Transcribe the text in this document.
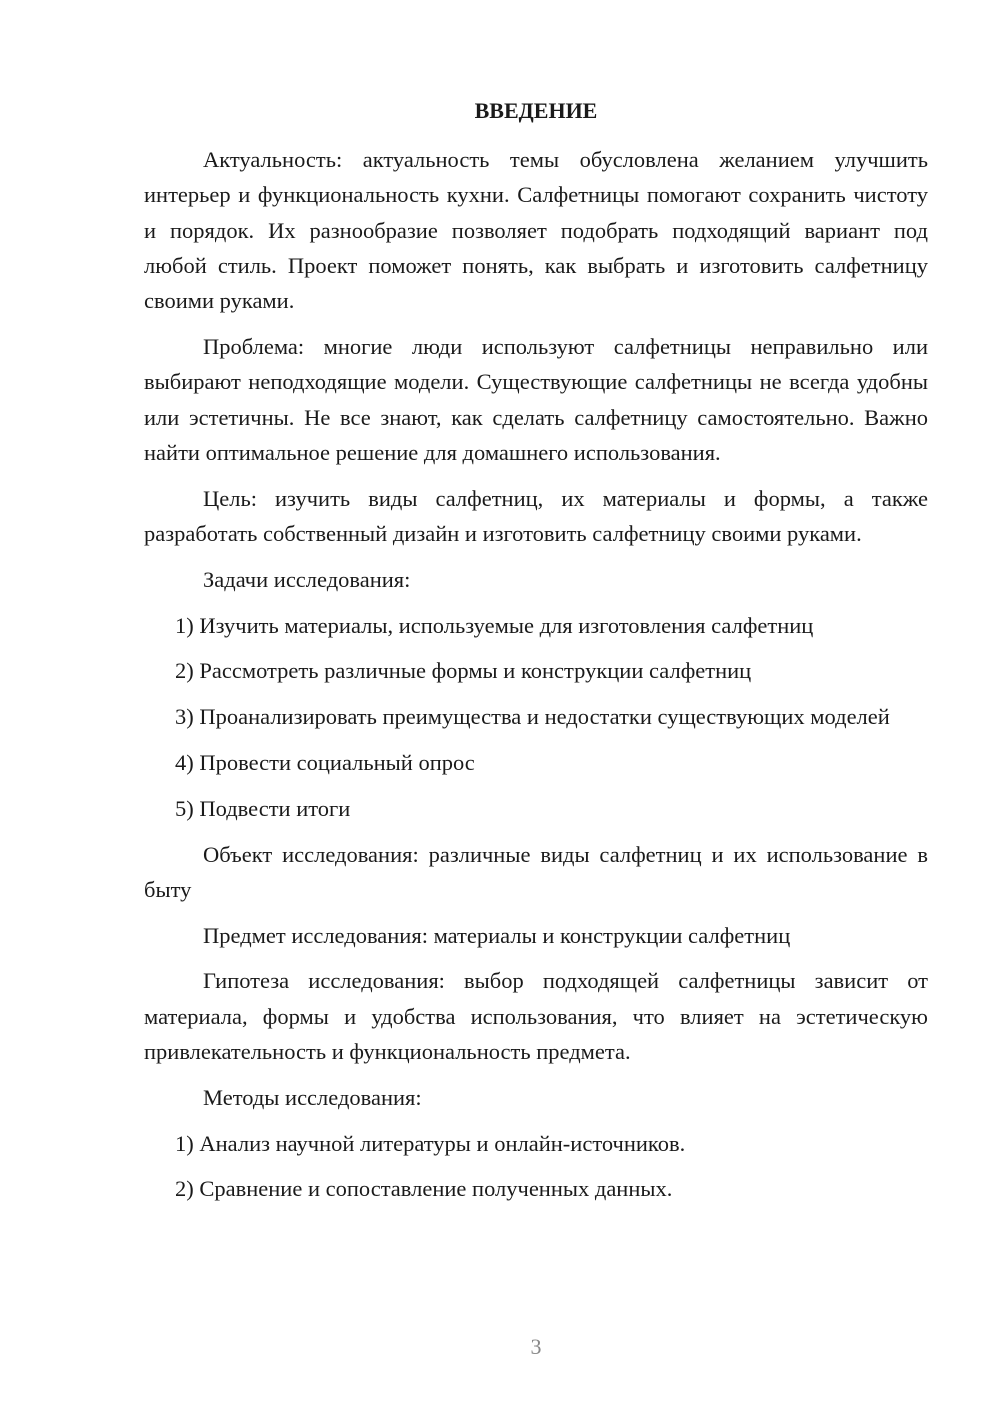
ВВЕДЕНИЕ

Актуальность: актуальность темы обусловлена желанием улучшить интерьер и функциональность кухни. Салфетницы помогают сохранить чистоту и порядок. Их разнообразие позволяет подобрать подходящий вариант под любой стиль. Проект поможет понять, как выбрать и изготовить салфетницу своими руками.

Проблема: многие люди используют салфетницы неправильно или выбирают неподходящие модели. Существующие салфетницы не всегда удобны или эстетичны. Не все знают, как сделать салфетницу самостоятельно. Важно найти оптимальное решение для домашнего использования.

Цель: изучить виды салфетниц, их материалы и формы, а также разработать собственный дизайн и изготовить салфетницу своими руками.

Задачи исследования:

1) Изучить материалы, используемые для изготовления салфетниц

2) Рассмотреть различные формы и конструкции салфетниц

3) Проанализировать преимущества и недостатки существующих моделей

4) Провести социальный опрос

5) Подвести итоги

Объект исследования: различные виды салфетниц и их использование в быту

Предмет исследования: материалы и конструкции салфетниц

Гипотеза исследования: выбор подходящей салфетницы зависит от материала, формы и удобства использования, что влияет на эстетическую привлекательность и функциональность предмета.

Методы исследования:

1) Анализ научной литературы и онлайн-источников.

2) Сравнение и сопоставление полученных данных.

3
